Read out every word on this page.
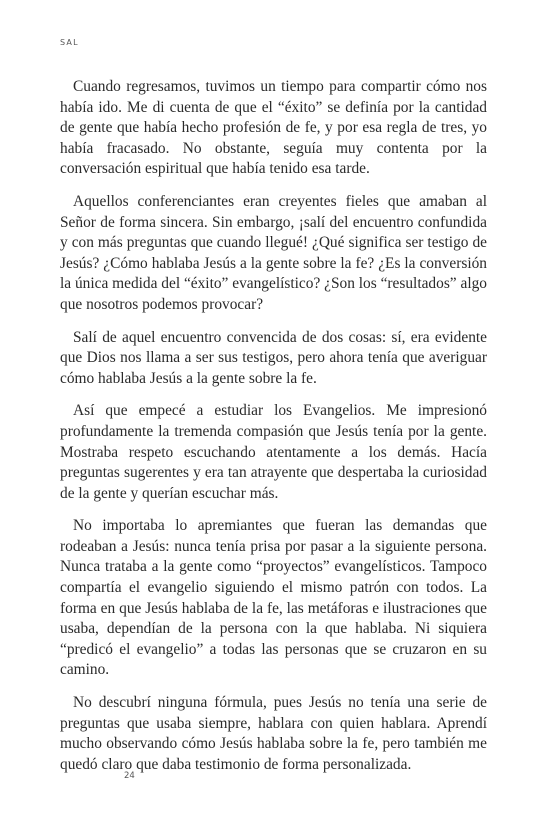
SAL

Cuando regresamos, tuvimos un tiempo para compartir cómo nos había ido. Me di cuenta de que el “éxito” se definía por la cantidad de gente que había hecho profesión de fe, y por esa regla de tres, yo había fracasado. No obstante, seguía muy contenta por la conversación espiritual que había tenido esa tarde.

Aquellos conferenciantes eran creyentes fieles que amaban al Señor de forma sincera. Sin embargo, ¡salí del encuentro confundida y con más preguntas que cuando llegué! ¿Qué significa ser testigo de Jesús? ¿Cómo hablaba Jesús a la gente sobre la fe? ¿Es la conversión la única medida del “éxito” evangelístico? ¿Son los “resultados” algo que nosotros podemos provocar?

Salí de aquel encuentro convencida de dos cosas: sí, era evidente que Dios nos llama a ser sus testigos, pero ahora tenía que averiguar cómo hablaba Jesús a la gente sobre la fe.

Así que empecé a estudiar los Evangelios. Me impresionó profundamente la tremenda compasión que Jesús tenía por la gente. Mostraba respeto escuchando atentamente a los demás. Hacía preguntas sugerentes y era tan atrayente que despertaba la curiosidad de la gente y querían escuchar más.

No importaba lo apremiantes que fueran las demandas que rodeaban a Jesús: nunca tenía prisa por pasar a la siguiente persona. Nunca trataba a la gente como “proyectos” evangelísticos. Tampoco compartía el evangelio siguiendo el mismo patrón con todos. La forma en que Jesús hablaba de la fe, las metáforas e ilustraciones que usaba, dependían de la persona con la que hablaba. Ni siquiera “predicó el evangelio” a todas las personas que se cruzaron en su camino.

No descubrí ninguna fórmula, pues Jesús no tenía una serie de preguntas que usaba siempre, hablara con quien hablara. Aprendí mucho observando cómo Jesús hablaba sobre la fe, pero también me quedó claro que daba testimonio de forma personalizada.

24
